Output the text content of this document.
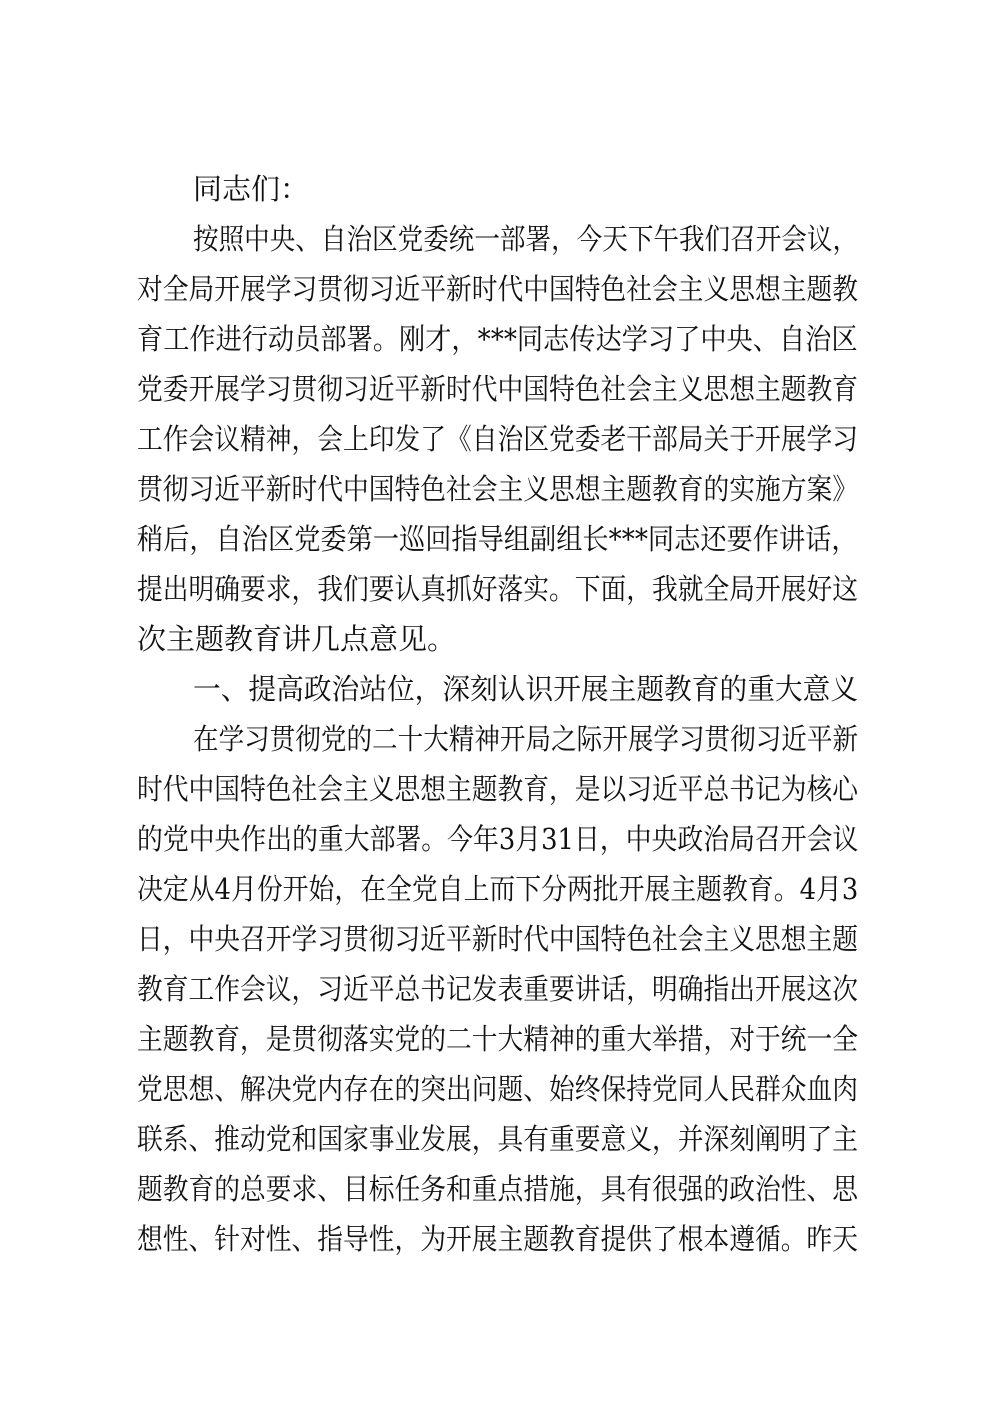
同志们：
按照中央、自治区党委统一部署，今天下午我们召开会议，
对全局开展学习贯彻习近平新时代中国特色社会主义思想主题教
育工作进行动员部署。刚才，***同志传达学习了中央、自治区
党委开展学习贯彻习近平新时代中国特色社会主义思想主题教育
工作会议精神，会上印发了《自治区党委老干部局关于开展学习
贯彻习近平新时代中国特色社会主义思想主题教育的实施方案》
稍后，自治区党委第一巡回指导组副组长***同志还要作讲话，
提出明确要求，我们要认真抓好落实。下面，我就全局开展好这
次主题教育讲几点意见。
一、提高政治站位，深刻认识开展主题教育的重大意义
在学习贯彻党的二十大精神开局之际开展学习贯彻习近平新
时代中国特色社会主义思想主题教育，是以习近平总书记为核心
的党中央作出的重大部署。今年3月31日，中央政治局召开会议
决定从4月份开始，在全党自上而下分两批开展主题教育。4月3
日，中央召开学习贯彻习近平新时代中国特色社会主义思想主题
教育工作会议，习近平总书记发表重要讲话，明确指出开展这次
主题教育，是贯彻落实党的二十大精神的重大举措，对于统一全
党思想、解决党内存在的突出问题、始终保持党同人民群众血肉
联系、推动党和国家事业发展，具有重要意义，并深刻阐明了主
题教育的总要求、目标任务和重点措施，具有很强的政治性、思
想性、针对性、指导性，为开展主题教育提供了根本遵循。昨天
